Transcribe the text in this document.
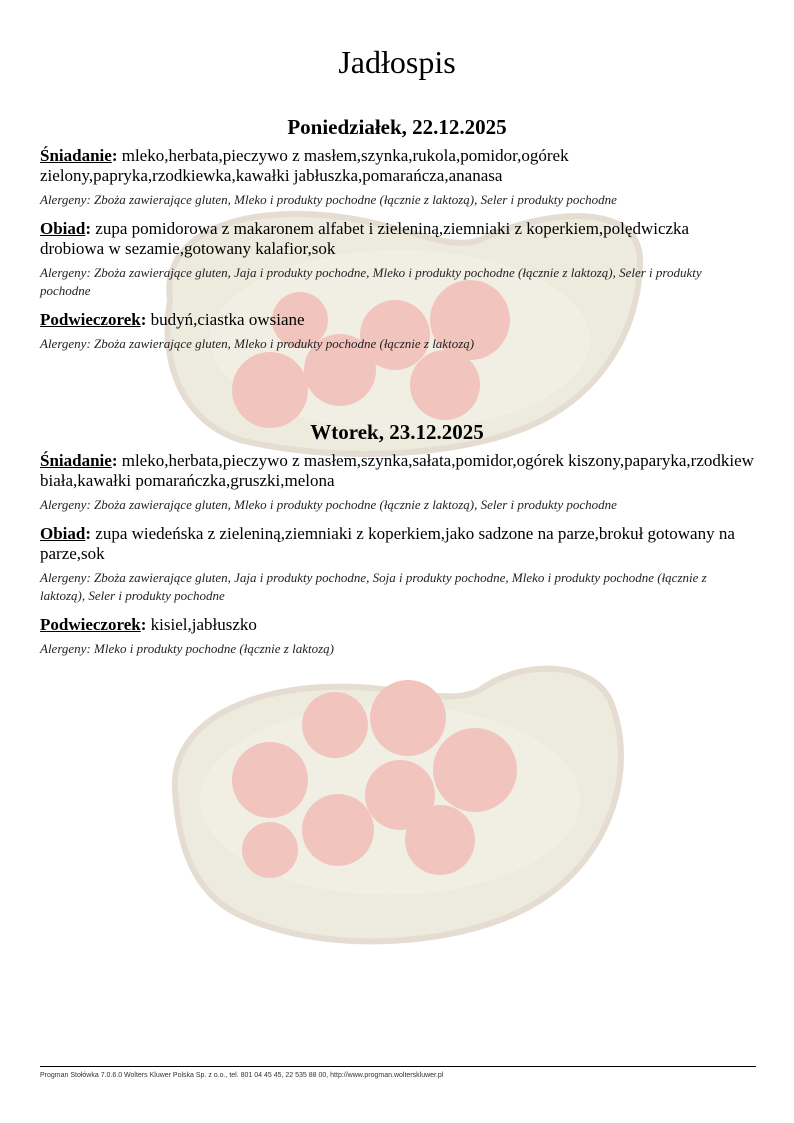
Jadłospis
Poniedziałek, 22.12.2025

Śniadanie: mleko,herbata,pieczywo z masłem,szynka,rukola,pomidor,ogórek zielony,papryka,rzodkiewka,kawałki jabłuszka,pomarańcza,ananasa

Alergeny: Zboża zawierające gluten, Mleko i produkty pochodne (łącznie z laktozą), Seler i produkty pochodne

Obiad: zupa pomidorowa z makaronem alfabet i zieleniną,ziemniaki z koperkiem,polędwiczka drobiowa w sezamie,gotowany kalafior,sok

Alergeny: Zboża zawierające gluten, Jaja i produkty pochodne, Mleko i produkty pochodne (łącznie z laktozą), Seler i produkty pochodne

Podwieczorek: budyń,ciastka owsiane

Alergeny: Zboża zawierające gluten, Mleko i produkty pochodne (łącznie z laktozą)

Wtorek, 23.12.2025

Śniadanie: mleko,herbata,pieczywo z masłem,szynka,sałata,pomidor,ogórek kiszony,paparyka,rzodkiew biała,kawałki pomarańczka,gruszki,melona

Alergeny: Zboża zawierające gluten, Mleko i produkty pochodne (łącznie z laktozą), Seler i produkty pochodne

Obiad: zupa wiedeńska z zieleniną,ziemniaki z koperkiem,jako sadzone na parze,brokuł gotowany na parze,sok

Alergeny: Zboża zawierające gluten, Jaja i produkty pochodne, Soja i produkty pochodne, Mleko i produkty pochodne (łącznie z laktozą), Seler i produkty pochodne

Podwieczorek: kisiel,jabłuszko

Alergeny: Mleko i produkty pochodne (łącznie z laktozą)

Progman Stołówka 7.0.6.0 Wolters Kluwer Polska Sp. z o.o., tel. 801 04 45 45, 22 535 88 00, http://www.progman.wolterskluwer.pl
